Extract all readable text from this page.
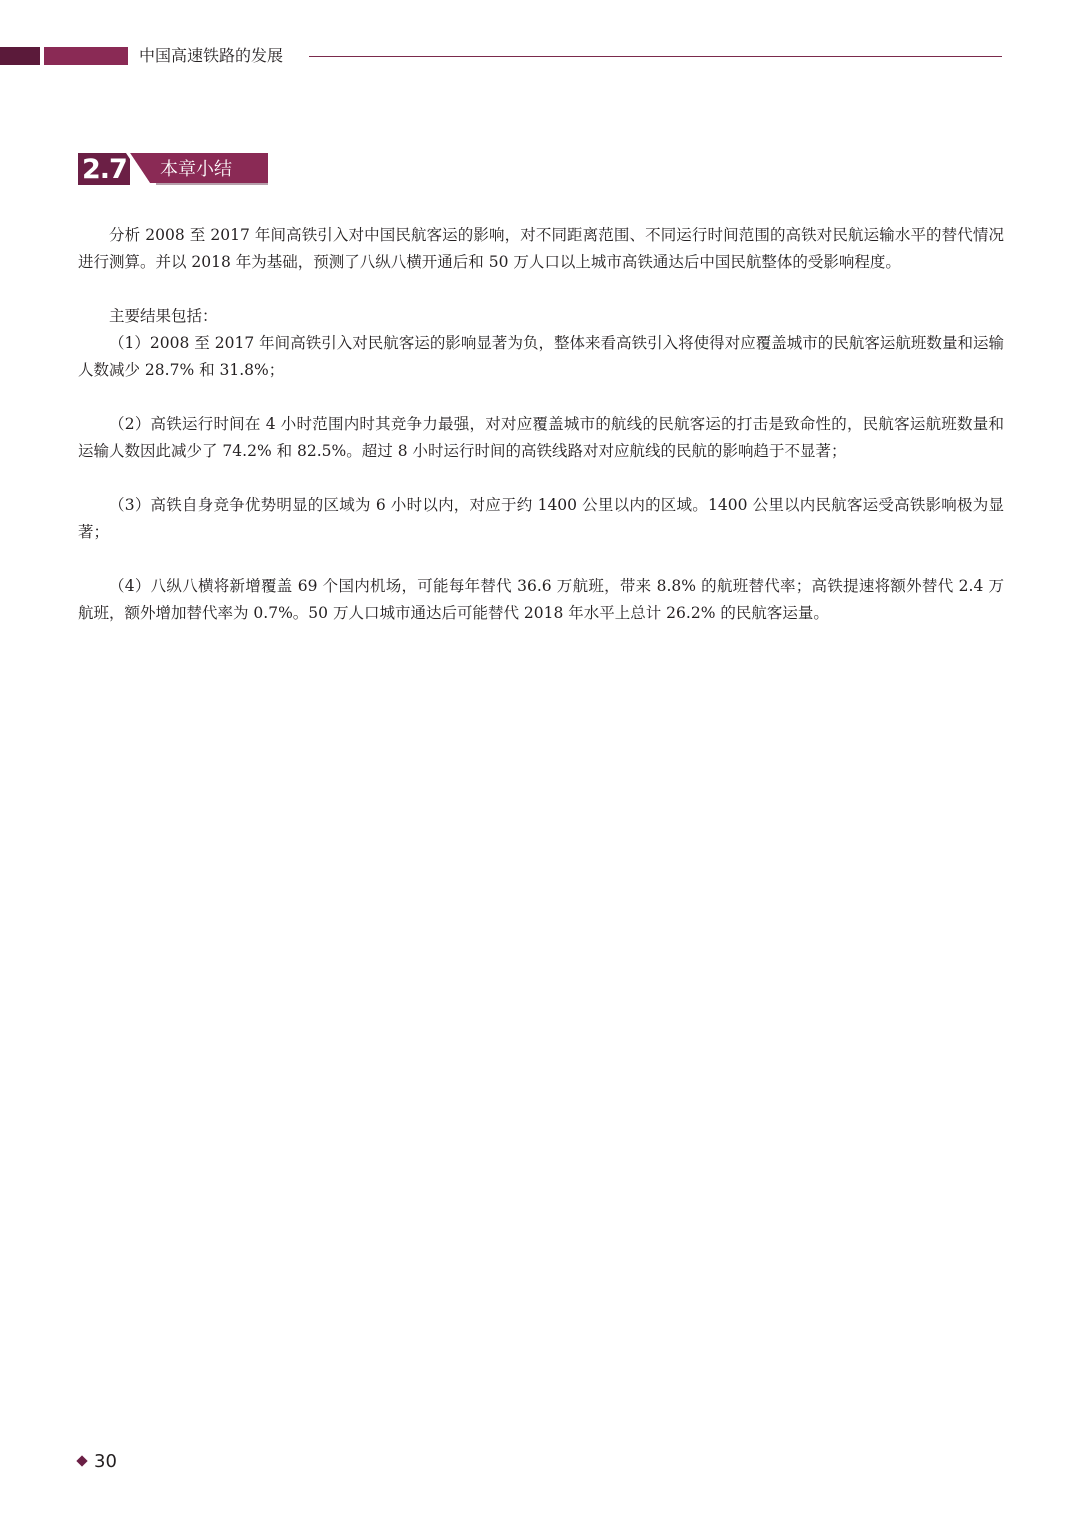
中国高速铁路的发展
2.7 本章小结

分析 2008 至 2017 年间高铁引入对中国民航客运的影响，对不同距离范围、不同运行时间范围的高铁对民航运输水平的替代情况进行测算。并以 2018 年为基础，预测了八纵八横开通后和 50 万人口以上城市高铁通达后中国民航整体的受影响程度。

主要结果包括：

（1）2008 至 2017 年间高铁引入对民航客运的影响显著为负，整体来看高铁引入将使得对应覆盖城市的民航客运航班数量和运输人数减少 28.7% 和 31.8%；

（2）高铁运行时间在 4 小时范围内时其竞争力最强，对对应覆盖城市的航线的民航客运的打击是致命性的，民航客运航班数量和运输人数因此减少了 74.2% 和 82.5%。超过 8 小时运行时间的高铁线路对对应航线的民航的影响趋于不显著；

（3）高铁自身竞争优势明显的区域为 6 小时以内，对应于约 1400 公里以内的区域。1400 公里以内民航客运受高铁影响极为显著；

（4）八纵八横将新增覆盖 69 个国内机场，可能每年替代 36.6 万航班，带来 8.8% 的航班替代率；高铁提速将额外替代 2.4 万航班，额外增加替代率为 0.7%。50 万人口城市通达后可能替代 2018 年水平上总计 26.2% 的民航客运量。

30
